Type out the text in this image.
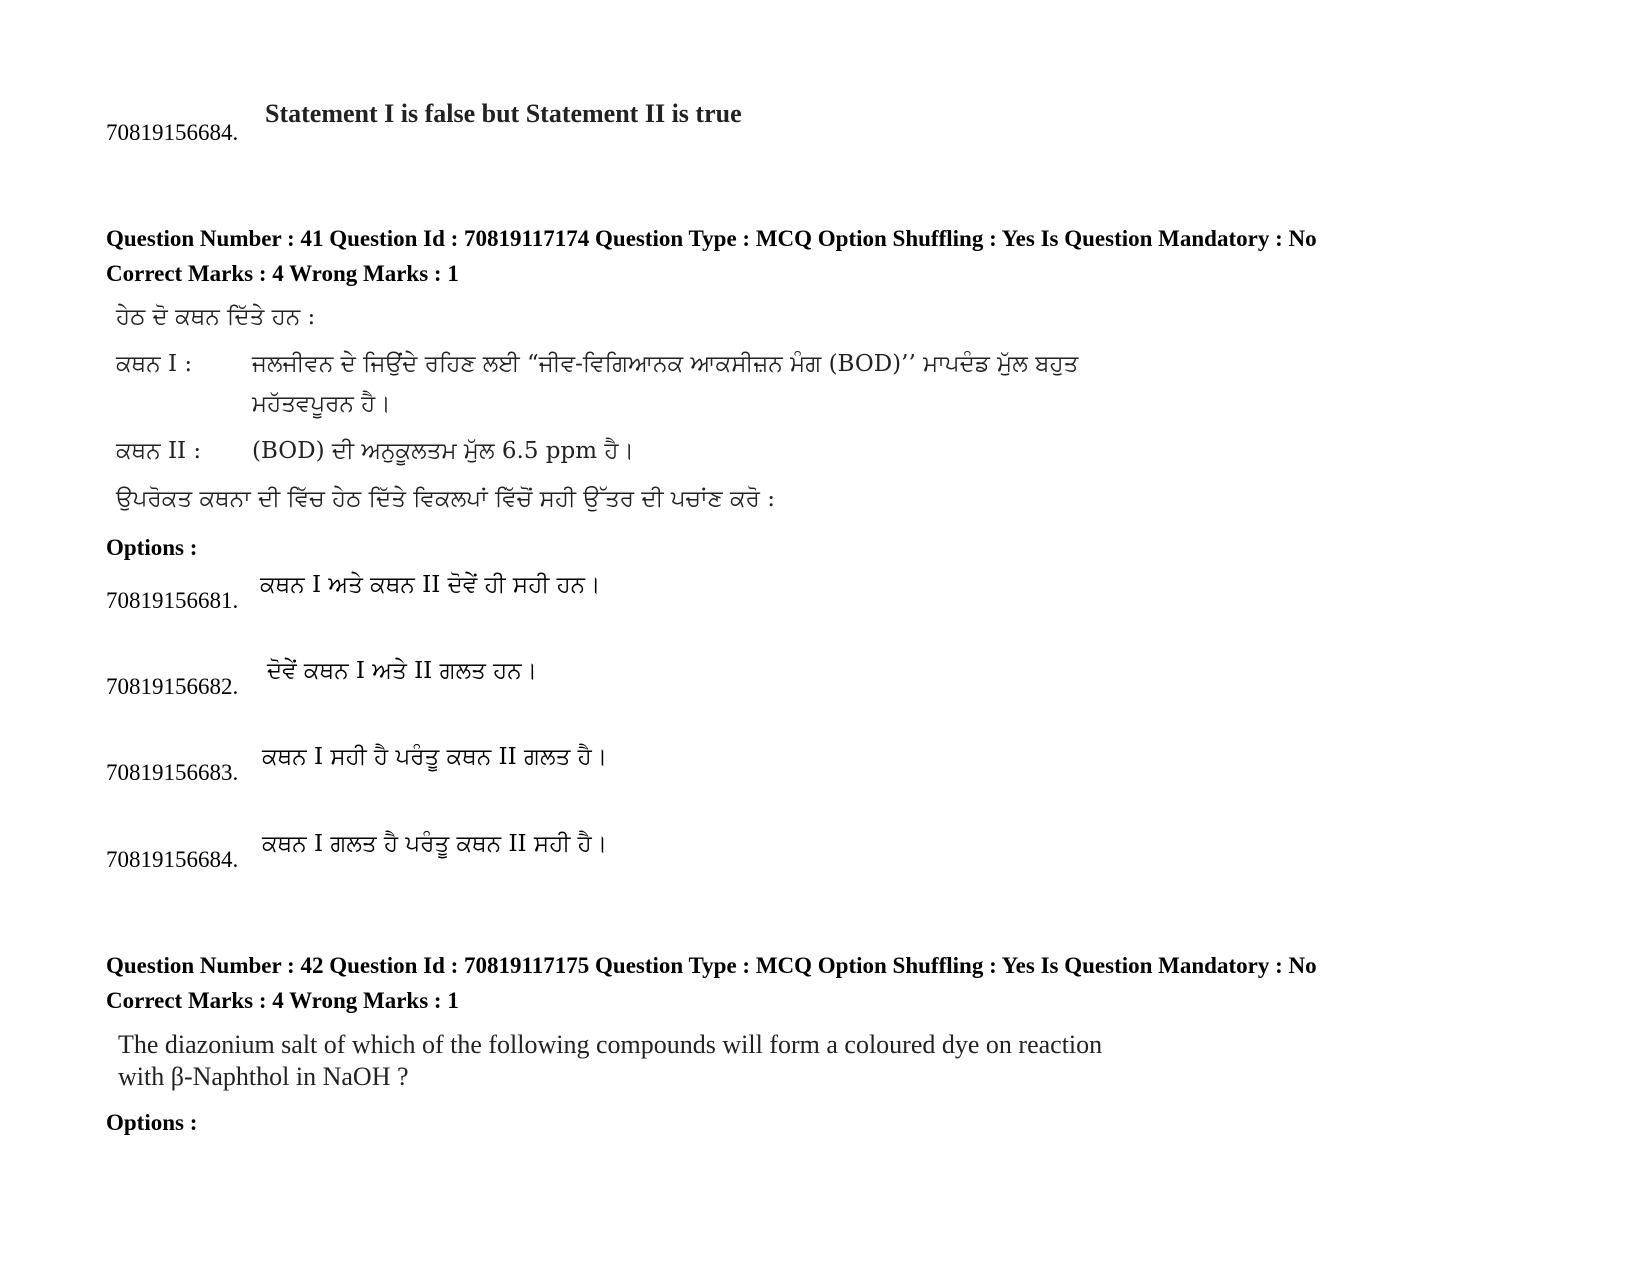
70819156684.
Statement I is false but Statement II is true
Question Number : 41 Question Id : 70819117174 Question Type : MCQ Option Shuffling : Yes Is Question Mandatory : No
Correct Marks : 4 Wrong Marks : 1
ਹੇਠ ਦੋ ਕਥਨ ਦਿੱਤੇ ਹਨ :
ਕਥਨ I :	ਜਲਜੀਵਨ ਦੇ ਜਿਉਂਦੇ ਰਹਿਣ ਲਈ “ਜੀਵ-ਵਿਗਿਆਨਕ ਆਕਸੀਜ਼ਨ ਮੰਗ (BOD)’’ ਮਾਪਦੰਡ ਮੁੱਲ ਬਹੁਤ
ਮਹੱਤਵਪੂਰਨ ਹੈ।
ਕਥਨ II : (BOD) ਦੀ ਅਨੁਕੂਲਤਮ ਮੁੱਲ 6.5 ppm ਹੈ।
ਉਪਰੋਕਤ ਕਥਨਾ ਦੀ ਵਿੱਚ ਹੇਠ ਦਿੱਤੇ ਵਿਕਲਪਾਂ ਵਿੱਚੋਂ ਸਹੀ ਉੱਤਰ ਦੀ ਪਚਾਂਣ ਕਰੋ :
Options :
70819156681.
ਕਥਨ I ਅਤੇ ਕਥਨ II ਦੋਵੇਂ ਹੀ ਸਹੀ ਹਨ।
70819156682.
ਦੋਵੇਂ ਕਥਨ I ਅਤੇ II ਗਲਤ ਹਨ।
70819156683.
ਕਥਨ I ਸਹੀ ਹੈ ਪਰੰਤੂ ਕਥਨ II ਗਲਤ ਹੈ।
70819156684.
ਕਥਨ I ਗਲਤ ਹੈ ਪਰੰਤੂ ਕਥਨ II ਸਹੀ ਹੈ।
Question Number : 42 Question Id : 70819117175 Question Type : MCQ Option Shuffling : Yes Is Question Mandatory : No
Correct Marks : 4 Wrong Marks : 1
The diazonium salt of which of the following compounds will form a coloured dye on reaction
with β-Naphthol in NaOH ?
Options :
